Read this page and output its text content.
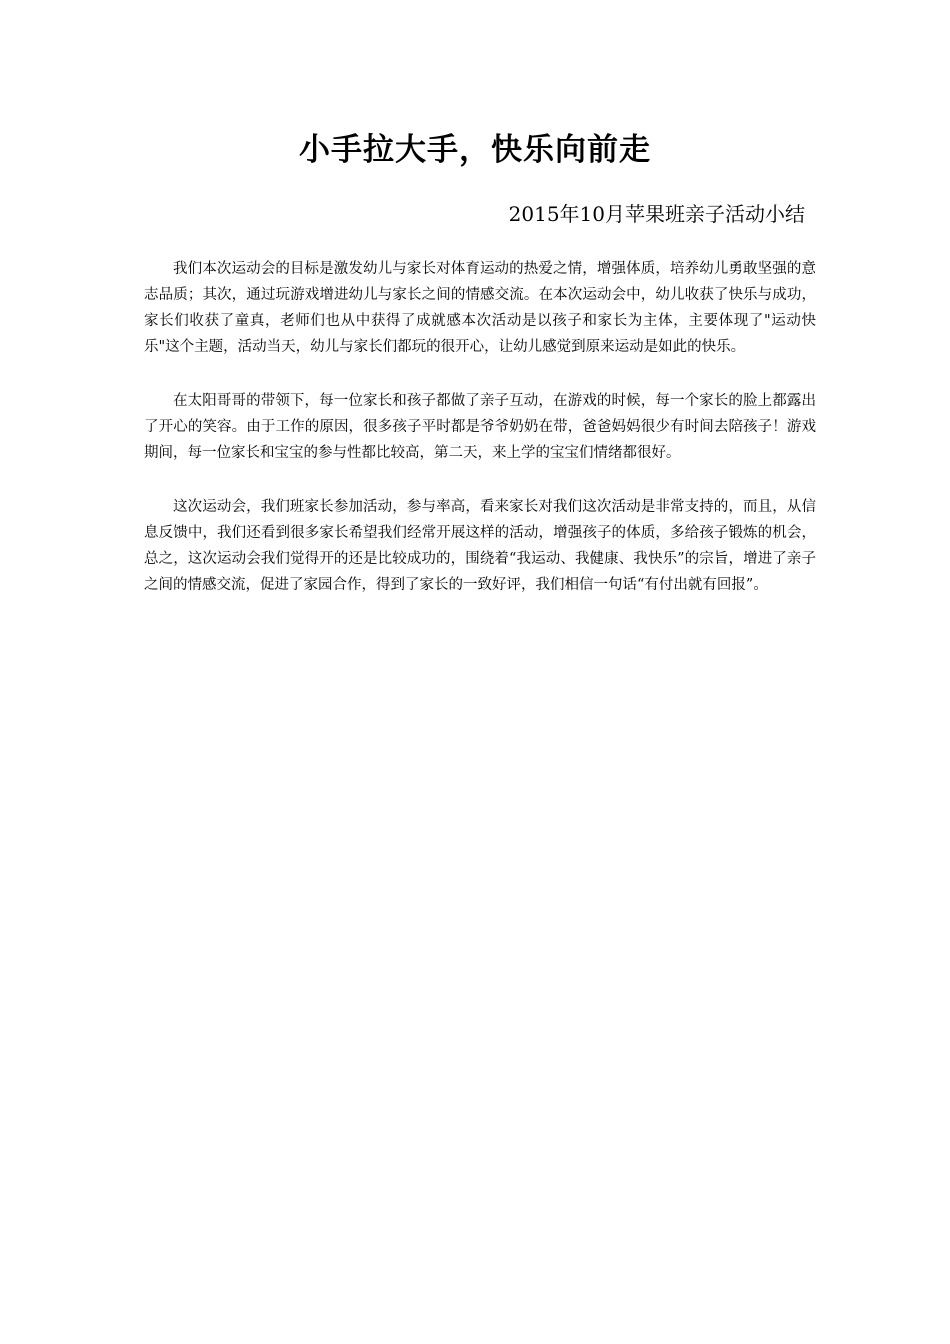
小手拉大手，快乐向前走
2015年10月苹果班亲子活动小结

我们本次运动会的目标是激发幼儿与家长对体育运动的热爱之情，增强体质，培养幼儿勇敢坚强的意志品质；其次，通过玩游戏增进幼儿与家长之间的情感交流。在本次运动会中，幼儿收获了快乐与成功，家长们收获了童真，老师们也从中获得了成就感本次活动是以孩子和家长为主体，主要体现了"运动快乐"这个主题，活动当天，幼儿与家长们都玩的很开心，让幼儿感觉到原来运动是如此的快乐。

在太阳哥哥的带领下，每一位家长和孩子都做了亲子互动，在游戏的时候，每一个家长的脸上都露出了开心的笑容。由于工作的原因，很多孩子平时都是爷爷奶奶在带，爸爸妈妈很少有时间去陪孩子！游戏期间，每一位家长和宝宝的参与性都比较高，第二天，来上学的宝宝们情绪都很好。

这次运动会，我们班家长参加活动，参与率高，看来家长对我们这次活动是非常支持的，而且，从信息反馈中，我们还看到很多家长希望我们经常开展这样的活动，增强孩子的体质，多给孩子锻炼的机会，总之，这次运动会我们觉得开的还是比较成功的，围绕着“我运动、我健康、我快乐”的宗旨，增进了亲子之间的情感交流，促进了家园合作，得到了家长的一致好评，我们相信一句话“有付出就有回报”。
